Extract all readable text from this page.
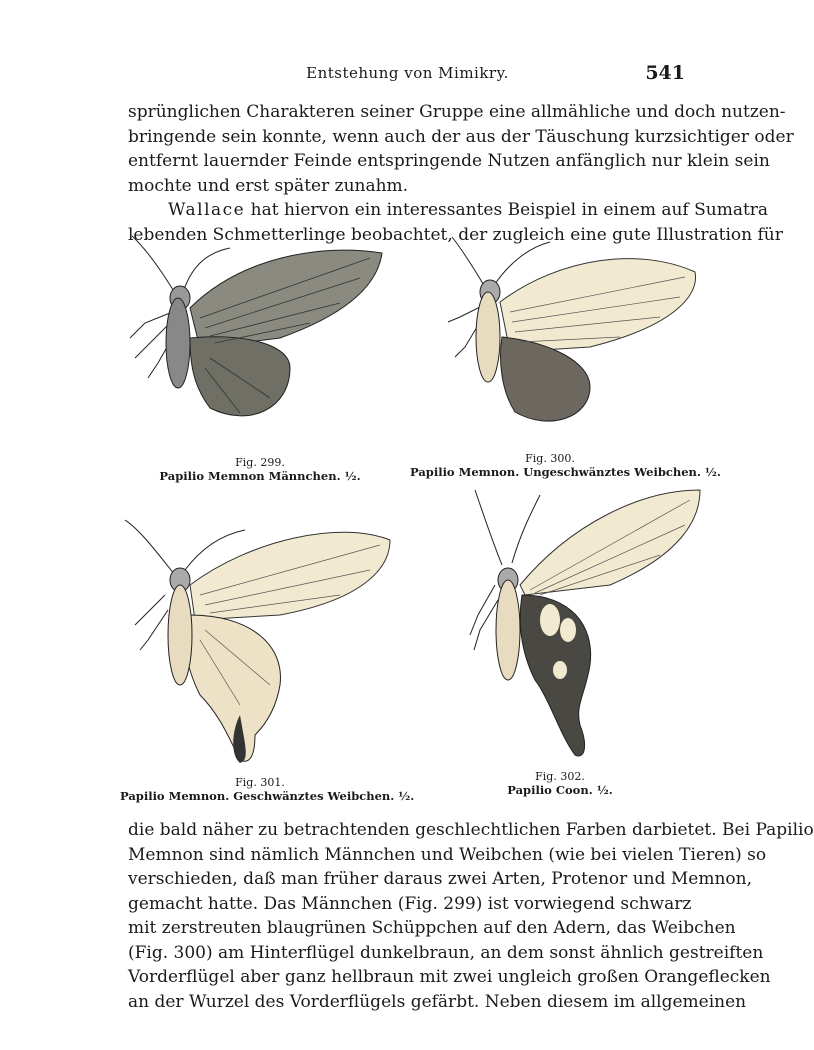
Entstehung von Mimikry.	541
sprünglichen Charakteren seiner Gruppe eine allmähliche und doch nutzen-
bringende sein konnte, wenn auch der aus der Täuschung kurzsichtiger oder
entfernt lauernder Feinde entspringende Nutzen anfänglich nur klein sein
mochte und erst später zunahm.
Wallace hat hiervon ein interessantes Beispiel in einem auf Sumatra
lebenden Schmetterlinge beobachtet, der zugleich eine gute Illustration für
Fig. 299.
Papilio Memnon Männchen. ½.
Fig. 300.
Papilio Memnon. Ungeschwänztes Weibchen. ½.
Fig. 301.
Papilio Memnon. Geschwänztes Weibchen. ½.
Fig. 302.
Papilio Coon. ½.
die bald näher zu betrachtenden geschlechtlichen Farben darbietet. Bei Papilio
Memnon sind nämlich Männchen und Weibchen (wie bei vielen Tieren) so
verschieden, daß man früher daraus zwei Arten, Protenor und Memnon,
gemacht hatte. Das Männchen (Fig. 299) ist vorwiegend schwarz
mit zerstreuten blaugrünen Schüppchen auf den Adern, das Weibchen
(Fig. 300) am Hinterflügel dunkelbraun, an dem sonst ähnlich gestreiften
Vorderflügel aber ganz hellbraun mit zwei ungleich großen Orangeflecken
an der Wurzel des Vorderflügels gefärbt. Neben diesem im allgemeinen
